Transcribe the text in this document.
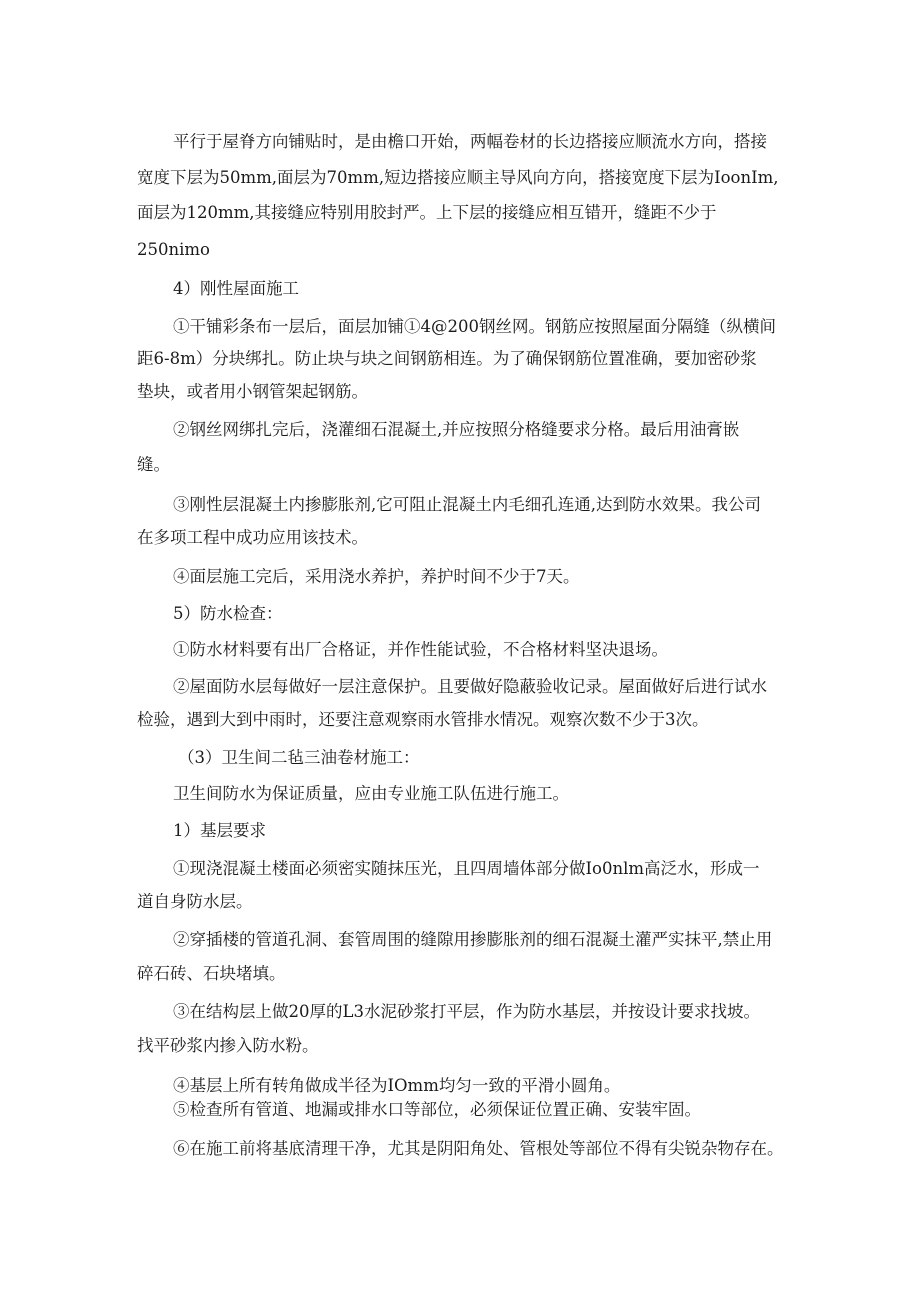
平行于屋脊方向铺贴时，是由檐口开始，两幅卷材的长边搭接应顺流水方向，搭接

宽度下层为50mm,面层为70mm,短边搭接应顺主导风向方向，搭接宽度下层为IoonIm,

面层为120mm,其接缝应特别用胶封严。上下层的接缝应相互错开，缝距不少于

250nimo

4）刚性屋面施工

①干铺彩条布一层后，面层加铺①4@200钢丝网。钢筋应按照屋面分隔缝（纵横间

距6-8m）分块绑扎。防止块与块之间钢筋相连。为了确保钢筋位置准确，要加密砂浆

垫块，或者用小钢管架起钢筋。

②钢丝网绑扎完后，浇灌细石混凝土,并应按照分格缝要求分格。最后用油膏嵌

缝。

③刚性层混凝土内掺膨胀剂,它可阻止混凝土内毛细孔连通,达到防水效果。我公司

在多项工程中成功应用该技术。

④面层施工完后，采用浇水养护，养护时间不少于7天。

5）防水检查：

①防水材料要有出厂合格证，并作性能试验，不合格材料坚决退场。

②屋面防水层每做好一层注意保护。且要做好隐蔽验收记录。屋面做好后进行试水

检验，遇到大到中雨时，还要注意观察雨水管排水情况。观察次数不少于3次。

（3）卫生间二毡三油卷材施工：

卫生间防水为保证质量，应由专业施工队伍进行施工。

1）基层要求

①现浇混凝土楼面必须密实随抹压光，且四周墙体部分做Io0nlm高泛水，形成一

道自身防水层。

②穿插楼的管道孔洞、套管周围的缝隙用掺膨胀剂的细石混凝土灌严实抹平,禁止用

碎石砖、石块堵填。

③在结构层上做20厚的L3水泥砂浆打平层，作为防水基层，并按设计要求找坡。

找平砂浆内掺入防水粉。

④基层上所有转角做成半径为IOmm均匀一致的平滑小圆角。

⑤检查所有管道、地漏或排水口等部位，必须保证位置正确、安装牢固。

⑥在施工前将基底清理干净，尤其是阴阳角处、管根处等部位不得有尖锐杂物存在。
